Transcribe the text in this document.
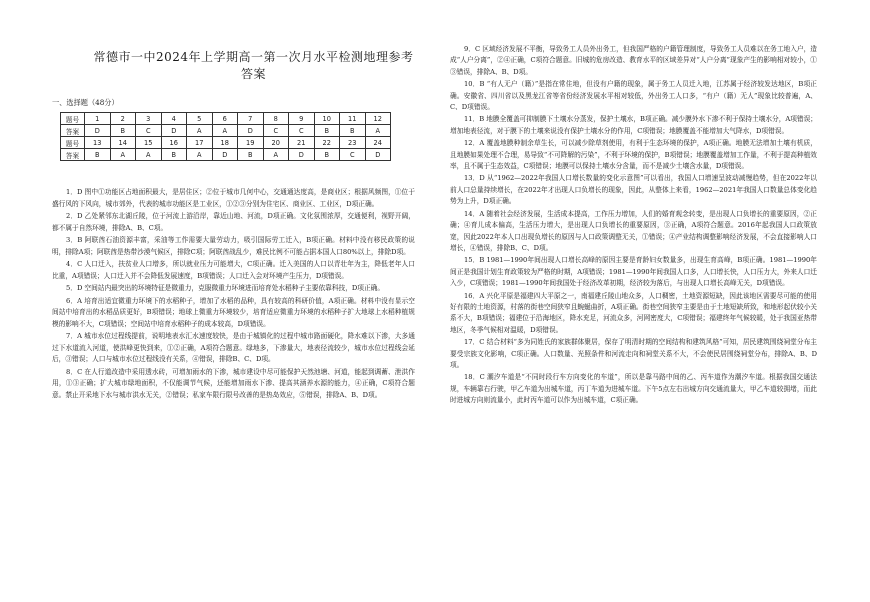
常德市一中2024年上学期高一第一次月水平检测地理参考答案
一、选择题（48分）
题号	1	2	3	4	5	6	7	8	9	10	11	12
答案	D	B	C	D	A	A	D	C	C	B	B	A
题号	13	14	15	16	17	18	19	20	21	22	23	24
答案	B	A	A	B	A	D	B	A	D	B	C	D

1．D 图中①功能区占地面积最大，是居住区；②位于城市几何中心，交通通达度高，是商业区；根据风频图，①位于盛行风的下风向，城市郊外，代表的城市功能区是工业区，①②③分别为住宅区、商业区、工业区，D项正确。

2．D 乙处紧邻东北湖丘陵，位于河流上游沿岸，靠近山地、河流，D项正确。文化氛围浓厚，交通便利，视野开阔，都不属于自然环境，排除A、B、C项。

3．B 阿联酋石油资源丰富，采油等工作需要大量劳动力，吸引国际劳工迁入，B项正确。材料中没有移民政策的说明，排除A项；阿联酋是热带沙漠气候区，排除C项；阿联酋战乱少，难民比例不可能占据本国人口80%以上，排除D项。

4．C 人口迁入，扶贫业人口增多，所以就业压力可能增大，C项正确。迁入美国的人口以青壮年为主，降低老年人口比重，A项错误；人口迁入并不会降低发展速度，B项错误；人口迁入会对环境产生压力，D项错误。

5．D 空间站内最突出的环境特征是微重力，克服微重力环境进而培育处水稻种子主要依靠科技，D项正确。

6．A 培育出适宜微重力环境下的水稻种子，增加了水稻的品种，具有较高的科研价值，A项正确。材料中没有显示空间站中培育出的水稻品质更好，B项错误；地球上微重力环境较少，培育适应微重力环境的水稻种子扩大地球上水稻种植规模的影响不大，C项错误；空间站中培育水稻种子的成本较高，D项错误。

7．A 城市水位过程线提前，说明地表水汇水速度较快，是由于城镇化的过程中城市路面硬化，降水难以下渗，大多通过下水道流入河道，使洪峰更快到来，①②正确，A项符合题意。绿地多，下渗量大，地表径流较少，城市水位过程线会延后，③错误；人口与城市水位过程线没有关系，④错误，排除B、C、D项。

8．C 在人行道改造中采用透水砖，可增加雨水的下渗，城市建设中尽可能保护天然池塘、河道，能起到调蓄、泄洪作用，①③正确；扩大城市绿地面积，不仅能调节气候，还能增加雨水下渗、提高其涵养水源的能力，④正确，C项符合题意。禁止开采地下水与城市洪水无关，②错误；私家车限行限号改善的是热岛效应，⑤错误，排除A、B、D项。

9．C 区域经济发展不平衡，导致务工人员外出务工，但我国严格的户籍管理制度，导致务工人员难以在务工地入户，造成“人户分离”，②④正确，C项符合题意。旧城的危房改造、教育水平的区域差异对“人户分离”现象产生的影响相对较小，①③错误，排除A、B、D项。

10．B “有人无户（籍）”是指在常住地，但没有户籍的现象，属于务工人员迁入地，江苏属于经济较发达地区，B项正确。安徽省、四川省以及黑龙江省等省份经济发展水平相对较低，外出务工人口多，“有户（籍）无人”现象比较普遍，A、C、D项错误。

11．B 地膜全覆盖可抑制膜下土壤水分蒸发，保护土壤水，B项正确。减少膜外水下渗不利于保持土壤水分，A项错误；增加地表径流，对于膜下的土壤来说没有保护土壤水分的作用，C项错误；地膜覆盖不能增加大气降水，D项错误。

12．A 覆盖地膜种制余草生长，可以减少除草剂使用，有利于生态环境的保护，A项正确。地膜无法增加土壤有机质，且地膜如果处理不合理，易导致“不可降解的污染”，不利于环境的保护，B项错误；地膜覆盖增加工作量，不利于提高种植效率，且不属于生态效益，C项错误；地膜可以保持土壤水分含量，而不是减少土壤含水量，D项错误。

13．D 从“1962—2022年我国人口增长数量的变化示意图”可以看出，我国人口增速呈波动减慢趋势，但在2022年以前人口总量持续增长，在2022年才出现人口负增长的现象，因此，从整体上来看，1962—2021年我国人口数量总体变化趋势为上升，D项正确。

14．A 随着社会经济发展，生活成本提高，工作压力增加，人们的婚育观念转变，是出现人口负增长的重要原因，②正确；④育儿成本偏高，生活压力增大，是出现人口负增长的重要原因，③正确，A项符合题意。2016年起我国人口政策放宽，因此2022年本人口出现负增长的原因与人口政策调整无关，①错误；④产业结构调整影响经济发展，不会直接影响人口增长，④错误，排除B、C、D项。

15．B 1981—1990年间出现人口增长高峰的原因主要是育龄妇女数量多，出现生育高峰，B项正确。1981—1990年间正是我国计划生育政策较为严格的时期，A项错误；1981—1990年间我国人口多，人口增长快，人口压力大，外来人口迁入少，C项错误；1981—1990年间我国处于经济改革初期，经济较为落后，与出现人口增长高峰无关，D项错误。

16．A 兴化平原是福建四大平原之一，南福建丘陵山地众多，人口稠密，土地资源短缺，因此该地区需要尽可能的使用好有限的土地资源，村落的街巷空间狭窄且蜿蜒曲折，A项正确。街巷空间狭窄主要是由于土地短缺所致，和地形起伏较小关系不大，B项错误；福建位于沿海地区，降水充足，河流众多，河网密度大，C项错误；福建终年气候较暖，处于我国亚热带地区，冬季气候相对温暖，D项错误。

17．C 结合材料“多为同姓氏的家族群体聚居，保存了明清时期的空间结构和建筑风格”可知，居民建筑围绕祠堂分布主要受宗族文化影响，C项正确。人口数量、光照条件和河流走向和祠堂关系不大，不会使民居围绕祠堂分布，排除A、B、D项。

18．C 潮汐车道是“不同时段行车方向变化的车道”，所以是靠马路中间的乙、丙车道作为潮汐车道。根据我国交通法规，车辆靠右行驶，甲乙车道为出城车道，丙丁车道为进城车道。下午5点左右出城方向交通流量大，甲乙车道较拥堵，而此时进城方向则流量小，此时丙车道可以作为出城车道，C项正确。
